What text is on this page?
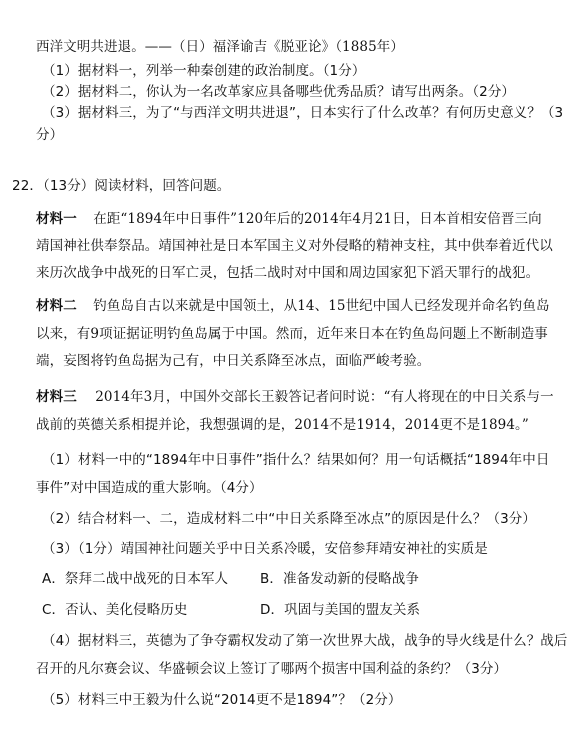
西洋文明共进退。——（日）福泽谕吉《脱亚论》（1885年）
（1）据材料一，列举一种秦创建的政治制度。（1分）
（2）据材料二，你认为一名改革家应具备哪些优秀品质？请写出两条。（2分）
（3）据材料三，为了“与西洋文明共进退”，日本实行了什么改革？有何历史意义？（3
分）
22．（13分）阅读材料，回答问题。
材料一 在距“1894年中日事件”120年后的2014年4月21日，日本首相安倍晋三向
靖国神社供奉祭品。靖国神社是日本军国主义对外侵略的精神支柱，其中供奉着近代以
来历次战争中战死的日军亡灵，包括二战时对中国和周边国家犯下滔天罪行的战犯。
材料二 钓鱼岛自古以来就是中国领土，从14、15世纪中国人已经发现并命名钓鱼岛
以来，有9项证据证明钓鱼岛属于中国。然而，近年来日本在钓鱼岛问题上不断制造事
端，妄图将钓鱼岛据为己有，中日关系降至冰点，面临严峻考验。
材料三 2014年3月，中国外交部长王毅答记者问时说：“有人将现在的中日关系与一
战前的英德关系相提并论，我想强调的是，2014不是1914，2014更不是1894。”
（1）材料一中的“1894年中日事件”指什么？结果如何？用一句话概括“1894年中日
事件”对中国造成的重大影响。（4分）
（2）结合材料一、二，造成材料二中“中日关系降至冰点”的原因是什么？（3分）
（3）（1分）靖国神社问题关乎中日关系冷暖，安倍参拜靖安神社的实质是
A．祭拜二战中战死的日本军人 B．准备发动新的侵略战争
C．否认、美化侵略历史	D．巩固与美国的盟友关系
（4）据材料三，英德为了争夺霸权发动了第一次世界大战，战争的导火线是什么？战后
召开的凡尔赛会议、华盛顿会议上签订了哪两个损害中国利益的条约？（3分）
（5）材料三中王毅为什么说“2014更不是1894”？（2分）
